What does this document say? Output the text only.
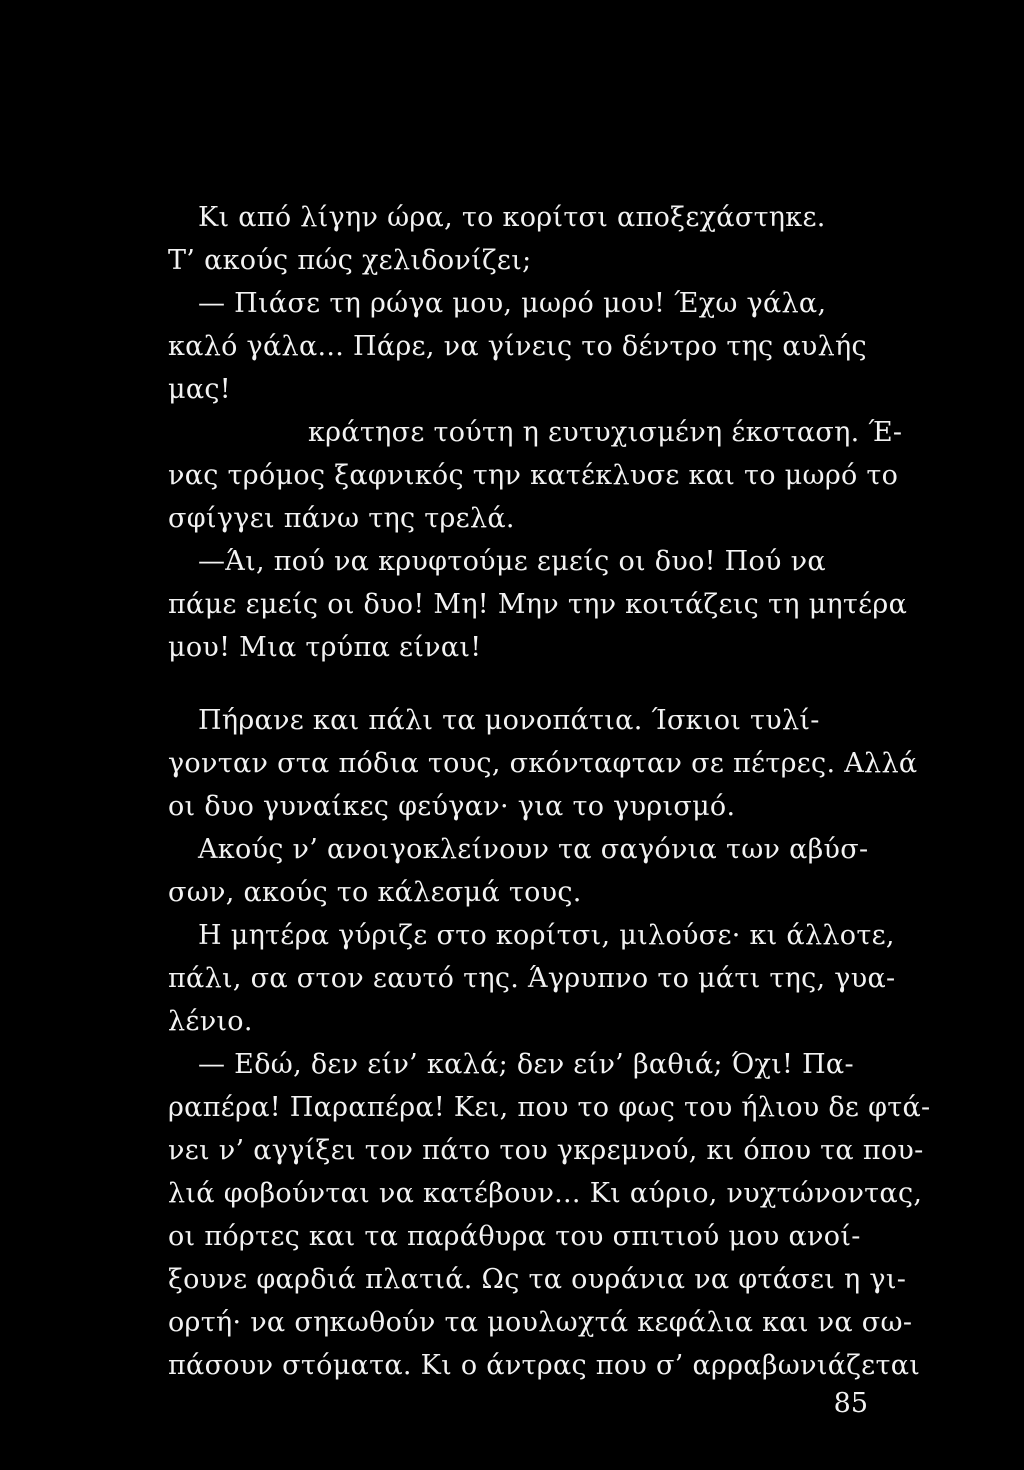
Κι από λίγην ώρα, το κορίτσι αποξεχάστηκε.
Τ’ ακούς πώς χελιδονίζει;
— Πιάσε τη ρώγα μου, μωρό μου! Έχω γάλα,
καλό γάλα... Πάρε, να γίνεις το δέντρο της αυλής
μας!
κράτησε τούτη η ευτυχισμένη έκσταση. Έ-
νας τρόμος ξαφνικός την κατέκλυσε και το μωρό το
σφίγγει πάνω της τρελά.
—Άι, πού να κρυφτούμε εμείς οι δυο! Πού να
πάμε εμείς οι δυο! Μη! Μην την κοιτάζεις τη μητέρα
μου! Μια τρύπα είναι!
Πήρανε και πάλι τα μονοπάτια. Ίσκιοι τυλί-
γονταν στα πόδια τους, σκόνταφταν σε πέτρες. Αλλά
οι δυο γυναίκες φεύγαν· για το γυρισμό.
Ακούς ν’ ανοιγοκλείνουν τα σαγόνια των αβύσ-
σων, ακούς το κάλεσμά τους.
Η μητέρα γύριζε στο κορίτσι, μιλούσε· κι άλλοτε,
πάλι, σα στον εαυτό της. Άγρυπνο το μάτι της, γυα-
λένιο.
— Εδώ, δεν είν’ καλά; δεν είν’ βαθιά; Όχι! Πα-
ραπέρα! Παραπέρα! Κει, που το φως του ήλιου δε φτά-
νει ν’ αγγίξει τον πάτο του γκρεμνού, κι όπου τα που-
λιά φοβούνται να κατέβουν... Κι αύριο, νυχτώνοντας,
οι πόρτες και τα παράθυρα του σπιτιού μου ανοί-
ξουνε φαρδιά πλατιά. Ως τα ουράνια να φτάσει η γι-
ορτή· να σηκωθούν τα μουλωχτά κεφάλια και να σω-
πάσουν στόματα. Κι ο άντρας που σ’ αρραβωνιάζεται
85
